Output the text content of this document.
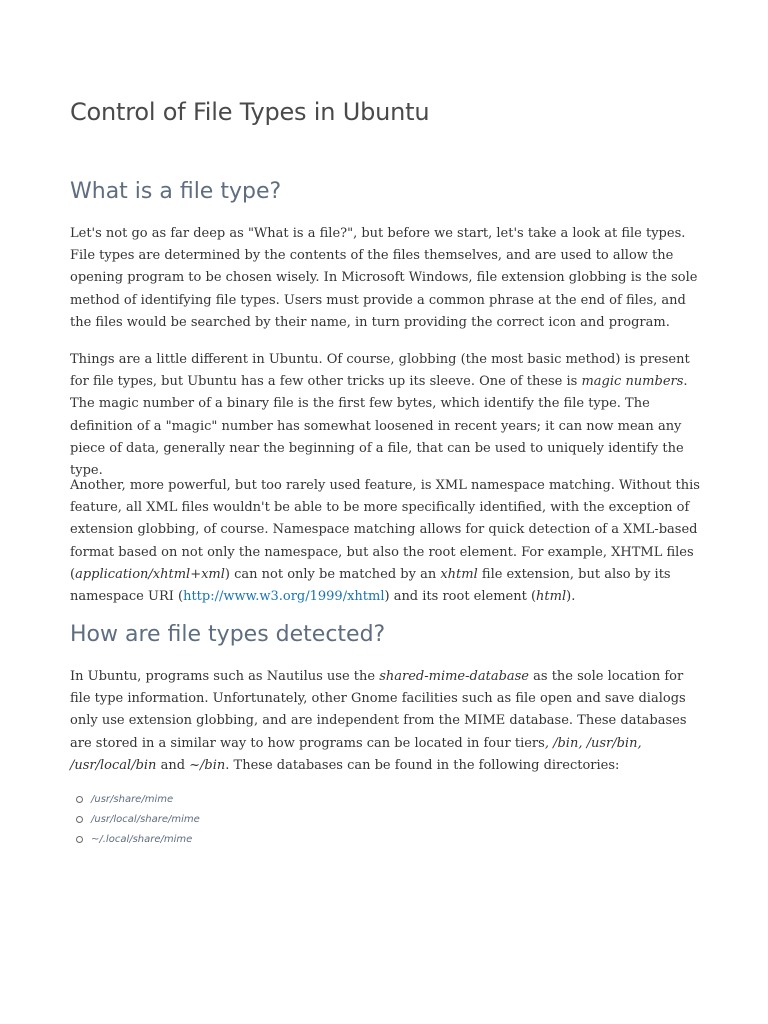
Control of File Types in Ubuntu
What is a file type?

Let's not go as far deep as "What is a file?", but before we start, let's take a look at file types. File types are determined by the contents of the files themselves, and are used to allow the opening program to be chosen wisely. In Microsoft Windows, file extension globbing is the sole method of identifying file types. Users must provide a common phrase at the end of files, and the files would be searched by their name, in turn providing the correct icon and program.

Things are a little different in Ubuntu. Of course, globbing (the most basic method) is present for file types, but Ubuntu has a few other tricks up its sleeve. One of these is magic numbers. The magic number of a binary file is the first few bytes, which identify the file type. The definition of a "magic" number has somewhat loosened in recent years; it can now mean any piece of data, generally near the beginning of a file, that can be used to uniquely identify the type.

Another, more powerful, but too rarely used feature, is XML namespace matching. Without this feature, all XML files wouldn't be able to be more specifically identified, with the exception of extension globbing, of course. Namespace matching allows for quick detection of a XML-based format based on not only the namespace, but also the root element. For example, XHTML files (application/xhtml+xml) can not only be matched by an xhtml file extension, but also by its namespace URI (http://www.w3.org/1999/xhtml) and its root element (html).

How are file types detected?

In Ubuntu, programs such as Nautilus use the shared-mime-database as the sole location for file type information. Unfortunately, other Gnome facilities such as file open and save dialogs only use extension globbing, and are independent from the MIME database. These databases are stored in a similar way to how programs can be located in four tiers, /bin, /usr/bin, /usr/local/bin and ~/bin. These databases can be found in the following directories:

/usr/share/mime
/usr/local/share/mime
~/.local/share/mime
